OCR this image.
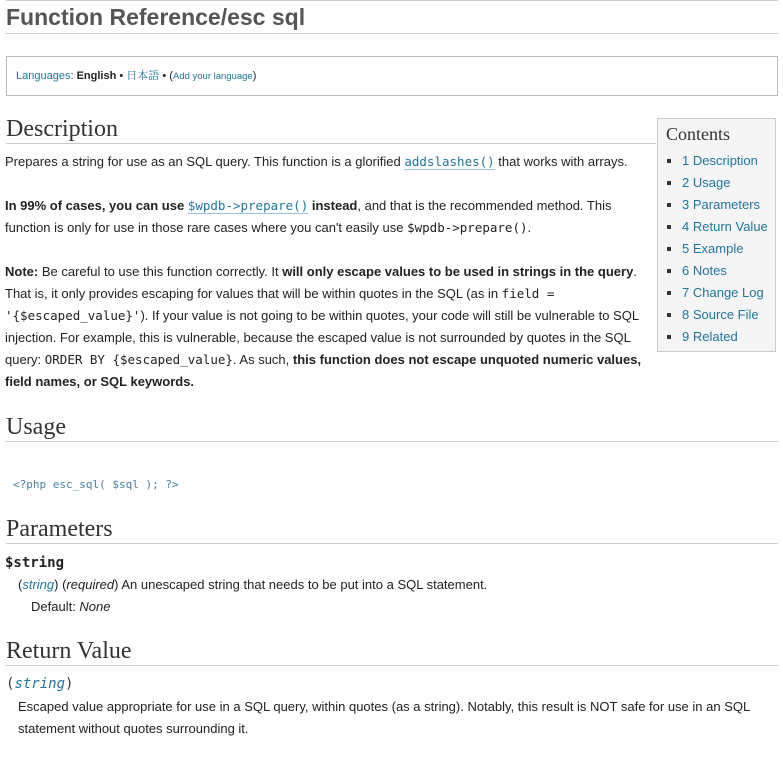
Function Reference/esc sql
Languages: English • 日本語 • (Add your language)
Description	Contents
1 Description
2 Usage
3 Parameters
4 Return Value
5 Example
6 Notes
7 Change Log
8 Source File
9 Related

Prepares a string for use as an SQL query. This function is a glorified addslashes() that works with arrays.

In 99% of cases, you can use $wpdb->prepare() instead, and that is the recommended method. This function is only for use in those rare cases where you can't easily use $wpdb->prepare().

Note: Be careful to use this function correctly. It will only escape values to be used in strings in the query. That is, it only provides escaping for values that will be within quotes in the SQL (as in field = '{$escaped_value}'). If your value is not going to be within quotes, your code will still be vulnerable to SQL injection. For example, this is vulnerable, because the escaped value is not surrounded by quotes in the SQL query: ORDER BY {$escaped_value}. As such, this function does not escape unquoted numeric values, field names, or SQL keywords.

Usage
<?php esc_sql( $sql ); ?>
Parameters
$string
(string) (required) An unescaped string that needs to be put into a SQL statement.
Default: None
Return Value
(string)

Escaped value appropriate for use in a SQL query, within quotes (as a string). Notably, this result is NOT safe for use in an SQL statement without quotes surrounding it.
